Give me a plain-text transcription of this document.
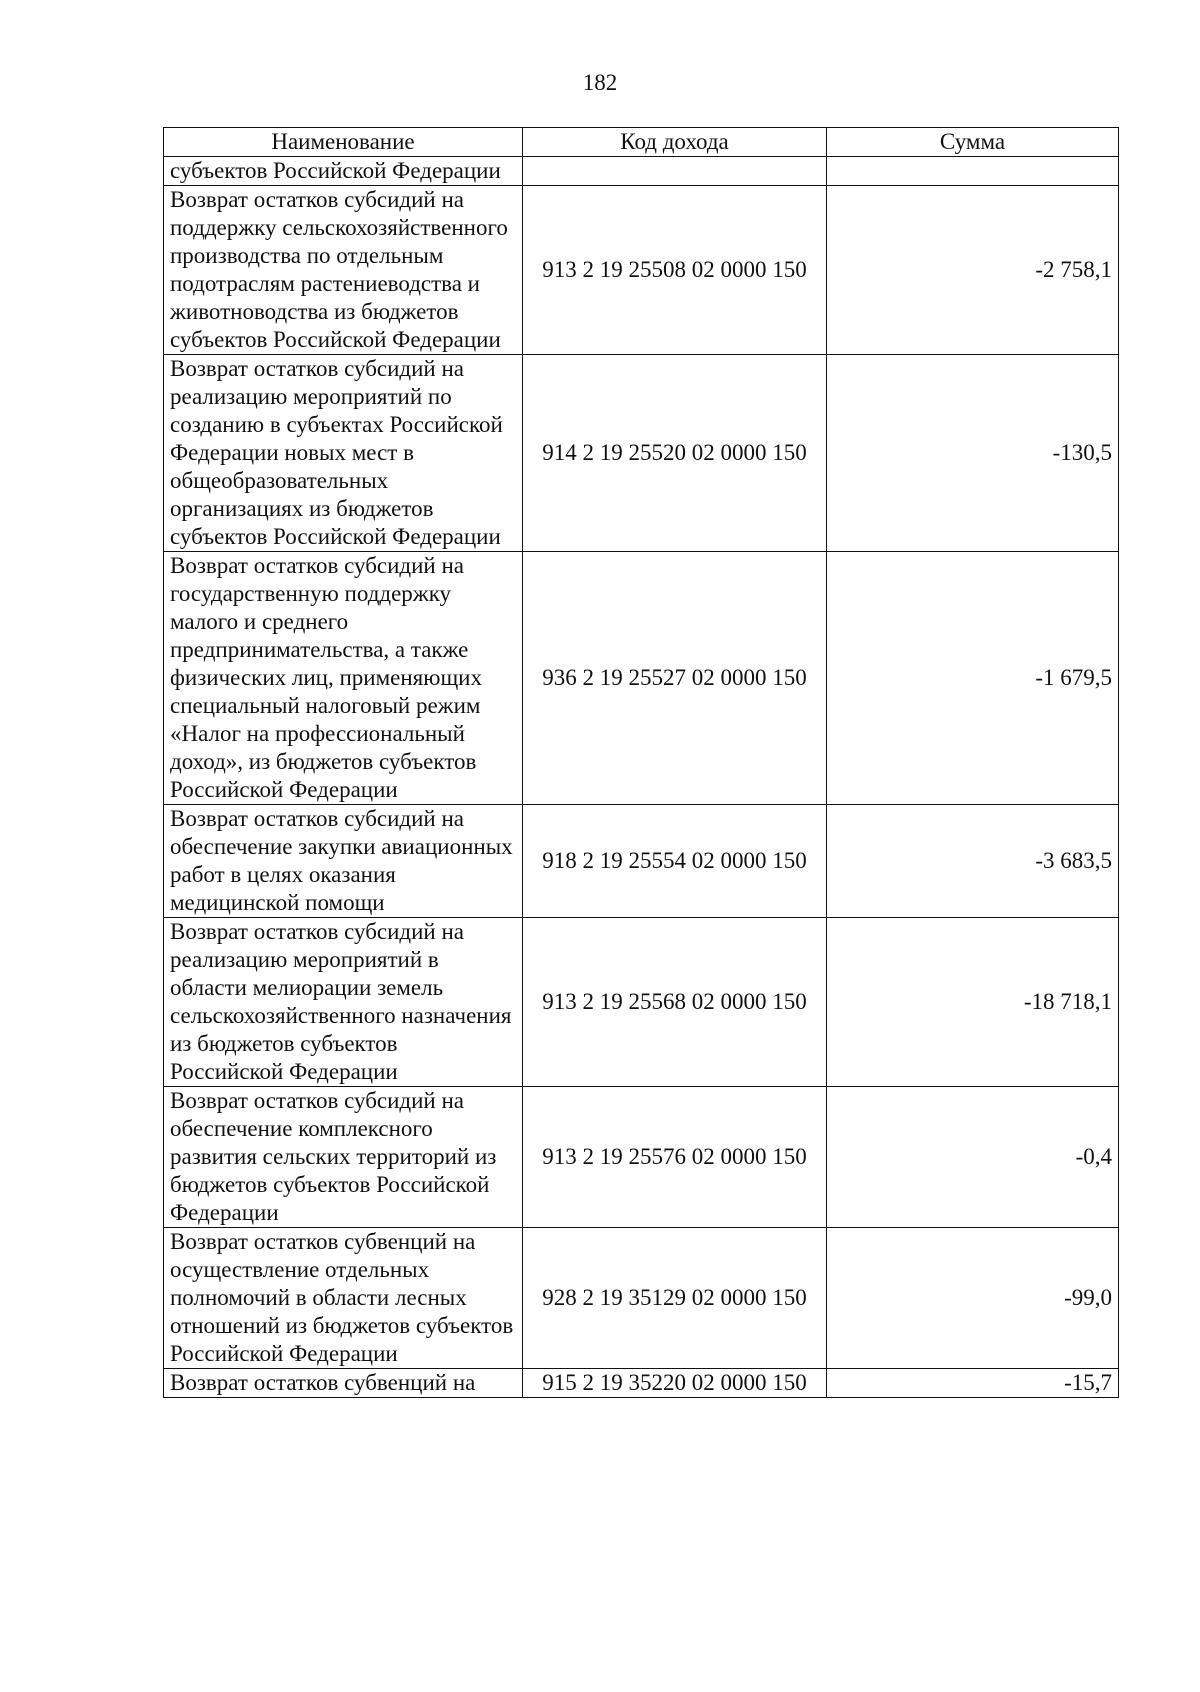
182
Наименование	Код дохода	Сумма
субъектов Российской Федерации		
Возврат остатков субсидий на поддержку сельскохозяйственного производства по отдельным подотраслям растениеводства и животноводства из бюджетов субъектов Российской Федерации	913 2 19 25508 02 0000 150	-2 758,1
Возврат остатков субсидий на реализацию мероприятий по созданию в субъектах Российской Федерации новых мест в общеобразовательных организациях из бюджетов субъектов Российской Федерации	914 2 19 25520 02 0000 150	-130,5
Возврат остатков субсидий на государственную поддержку малого и среднего предпринимательства, а также физических лиц, применяющих специальный налоговый режим «Налог на профессиональный доход», из бюджетов субъектов Российской Федерации	936 2 19 25527 02 0000 150	-1 679,5
Возврат остатков субсидий на обеспечение закупки авиационных работ в целях оказания медицинской помощи	918 2 19 25554 02 0000 150	-3 683,5
Возврат остатков субсидий на реализацию мероприятий в области мелиорации земель сельскохозяйственного назначения из бюджетов субъектов Российской Федерации	913 2 19 25568 02 0000 150	-18 718,1
Возврат остатков субсидий на обеспечение комплексного развития сельских территорий из бюджетов субъектов Российской Федерации	913 2 19 25576 02 0000 150	-0,4
Возврат остатков субвенций на осуществление отдельных полномочий в области лесных отношений из бюджетов субъектов Российской Федерации	928 2 19 35129 02 0000 150	-99,0
Возврат остатков субвенций на	915 2 19 35220 02 0000 150	-15,7
